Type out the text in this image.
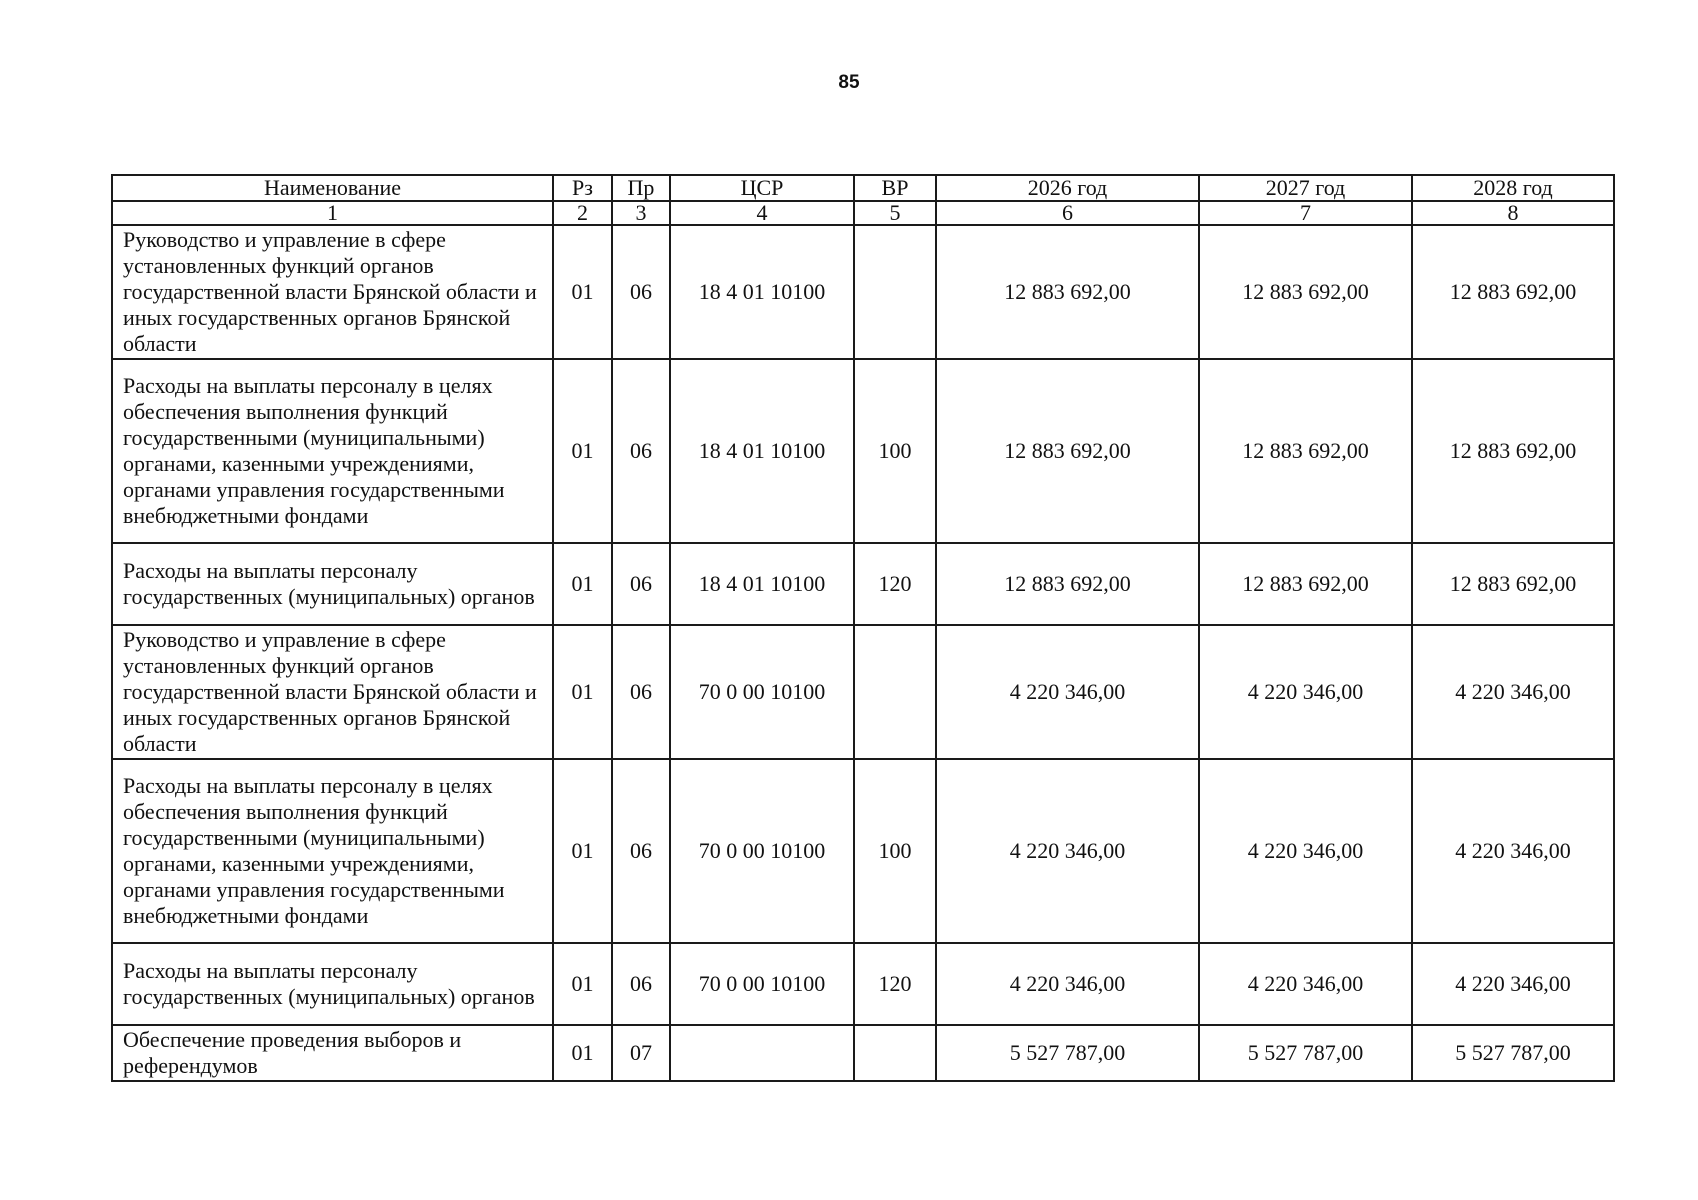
85
Наименование	Рз	Пр	ЦСР	ВР	2026 год	2027 год	2028 год
1	2	3	4	5	6	7	8
Руководство и управление в сфере установленных функций органов государственной власти Брянской области и иных государственных органов Брянской области	01	06	18 4 01 10100		12 883 692,00	12 883 692,00	12 883 692,00
Расходы на выплаты персоналу в целях обеспечения выполнения функций государственными (муниципальными) органами, казенными учреждениями, органами управления государственными внебюджетными фондами	01	06	18 4 01 10100	100	12 883 692,00	12 883 692,00	12 883 692,00
Расходы на выплаты персоналу государственных (муниципальных) органов	01	06	18 4 01 10100	120	12 883 692,00	12 883 692,00	12 883 692,00
Руководство и управление в сфере установленных функций органов государственной власти Брянской области и иных государственных органов Брянской области	01	06	70 0 00 10100		4 220 346,00	4 220 346,00	4 220 346,00
Расходы на выплаты персоналу в целях обеспечения выполнения функций государственными (муниципальными) органами, казенными учреждениями, органами управления государственными внебюджетными фондами	01	06	70 0 00 10100	100	4 220 346,00	4 220 346,00	4 220 346,00
Расходы на выплаты персоналу государственных (муниципальных) органов	01	06	70 0 00 10100	120	4 220 346,00	4 220 346,00	4 220 346,00
Обеспечение проведения выборов и референдумов	01	07			5 527 787,00	5 527 787,00	5 527 787,00
